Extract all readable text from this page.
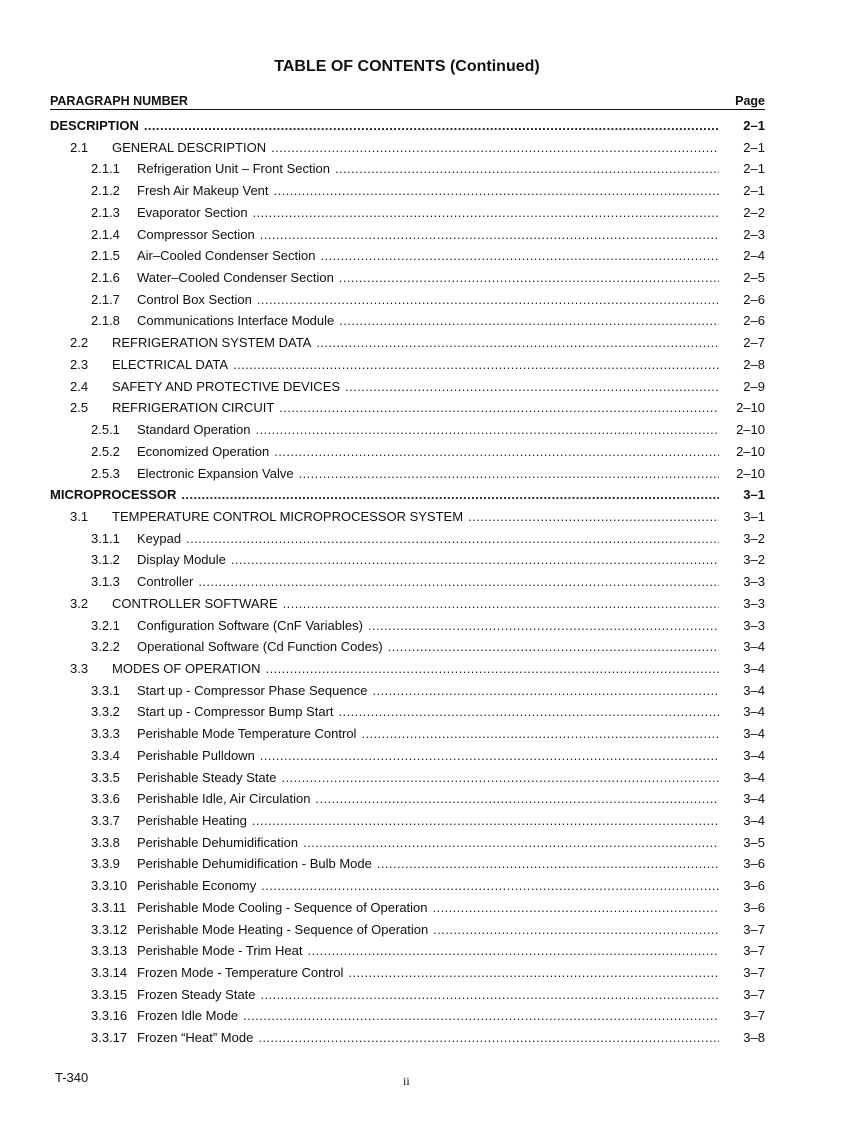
TABLE OF CONTENTS (Continued)
PARAGRAPH NUMBER	Page
DESCRIPTION . . .	2–1
2.1 GENERAL DESCRIPTION . . .	2–1
2.1.1 Refrigeration Unit – Front Section . . .	2–1
2.1.2 Fresh Air Makeup Vent . . .	2–1
2.1.3 Evaporator Section . . .	2–2
2.1.4 Compressor Section . . .	2–3
2.1.5 Air–Cooled Condenser Section . . .	2–4
2.1.6 Water–Cooled Condenser Section . . .	2–5
2.1.7 Control Box Section . . .	2–6
2.1.8 Communications Interface Module . . .	2–6
2.2 REFRIGERATION SYSTEM DATA . . .	2–7
2.3 ELECTRICAL DATA . . .	2–8
2.4 SAFETY AND PROTECTIVE DEVICES . . .	2–9
2.5 REFRIGERATION CIRCUIT . . .	2–10
2.5.1 Standard Operation . . .	2–10
2.5.2 Economized Operation . . .	2–10
2.5.3 Electronic Expansion Valve . . .	2–10
MICROPROCESSOR . . .	3–1
3.1 TEMPERATURE CONTROL MICROPROCESSOR SYSTEM . . .	3–1
3.1.1 Keypad . . .	3–2
3.1.2 Display Module . . .	3–2
3.1.3 Controller . . .	3–3
3.2 CONTROLLER SOFTWARE . . .	3–3
3.2.1 Configuration Software (CnF Variables) . . .	3–3
3.2.2 Operational Software (Cd Function Codes) . . .	3–4
3.3 MODES OF OPERATION . . .	3–4
3.3.1 Start up - Compressor Phase Sequence . . .	3–4
3.3.2 Start up - Compressor Bump Start . . .	3–4
3.3.3 Perishable Mode Temperature Control . . .	3–4
3.3.4 Perishable Pulldown . . .	3–4
3.3.5 Perishable Steady State . . .	3–4
3.3.6 Perishable Idle, Air Circulation . . .	3–4
3.3.7 Perishable Heating . . .	3–4
3.3.8 Perishable Dehumidification . . .	3–5
3.3.9 Perishable Dehumidification - Bulb Mode . . .	3–6
3.3.10 Perishable Economy . . .	3–6
3.3.11 Perishable Mode Cooling - Sequence of Operation . . .	3–6
3.3.12 Perishable Mode Heating - Sequence of Operation . . .	3–7
3.3.13 Perishable Mode - Trim Heat . . .	3–7
3.3.14 Frozen Mode - Temperature Control . . .	3–7
3.3.15 Frozen Steady State . . .	3–7
3.3.16 Frozen Idle Mode . . .	3–7
3.3.17 Frozen “Heat” Mode . . .	3–8
T-340	ii
